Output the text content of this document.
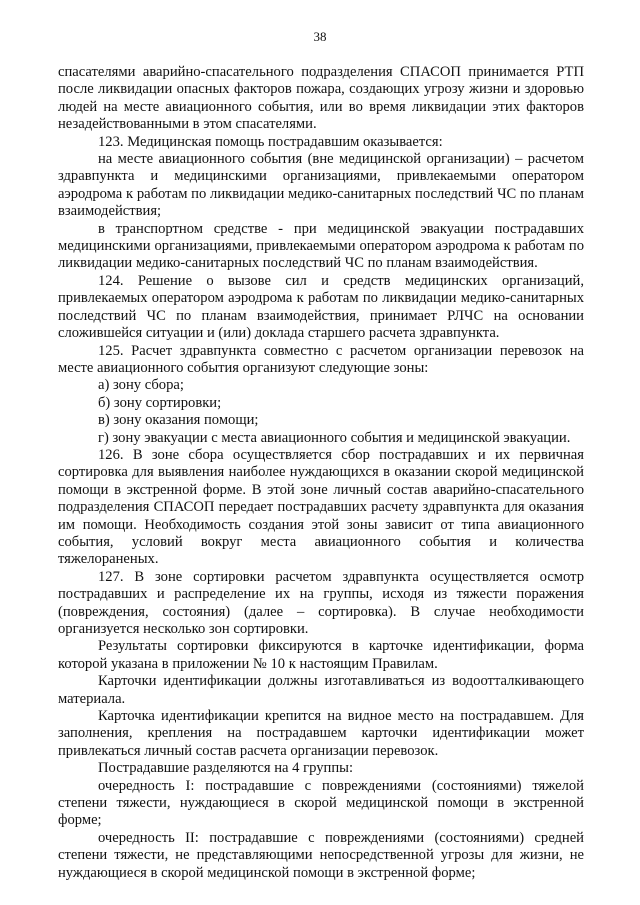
38

спасателями аварийно-спасательного подразделения СПАСОП принимается РТП после ликвидации опасных факторов пожара, создающих угрозу жизни и здоровью людей на месте авиационного события, или во время ликвидации этих факторов незадействованными в этом спасателями.

123. Медицинская помощь пострадавшим оказывается:

на месте авиационного события (вне медицинской организации) – расчетом здравпункта и медицинскими организациями, привлекаемыми оператором аэродрома к работам по ликвидации медико-санитарных последствий ЧС по планам взаимодействия;

в транспортном средстве - при медицинской эвакуации пострадавших медицинскими организациями, привлекаемыми оператором аэродрома к работам по ликвидации медико-санитарных последствий ЧС по планам взаимодействия.

124. Решение о вызове сил и средств медицинских организаций, привлекаемых оператором аэродрома к работам по ликвидации медико-санитарных последствий ЧС по планам взаимодействия, принимает РЛЧС на основании сложившейся ситуации и (или) доклада старшего расчета здравпункта.

125. Расчет здравпункта совместно с расчетом организации перевозок на месте авиационного события организуют следующие зоны:

а) зону сбора;

б) зону сортировки;

в) зону оказания помощи;

г) зону эвакуации с места авиационного события и медицинской эвакуации.

126. В зоне сбора осуществляется сбор пострадавших и их первичная сортировка для выявления наиболее нуждающихся в оказании скорой медицинской помощи в экстренной форме. В этой зоне личный состав аварийно-спасательного подразделения СПАСОП передает пострадавших расчету здравпункта для оказания им помощи. Необходимость создания этой зоны зависит от типа авиационного события, условий вокруг места авиационного события и количества тяжелораненых.

127. В зоне сортировки расчетом здравпункта осуществляется осмотр пострадавших и распределение их на группы, исходя из тяжести поражения (повреждения, состояния) (далее – сортировка). В случае необходимости организуется несколько зон сортировки.

Результаты сортировки фиксируются в карточке идентификации, форма которой указана в приложении № 10 к настоящим Правилам.

Карточки идентификации должны изготавливаться из водоотталкивающего материала.

Карточка идентификации крепится на видное место на пострадавшем. Для заполнения, крепления на пострадавшем карточки идентификации может привлекаться личный состав расчета организации перевозок.

Пострадавшие разделяются на 4 группы:

очередность I: пострадавшие с повреждениями (состояниями) тяжелой степени тяжести, нуждающиеся в скорой медицинской помощи в экстренной форме;

очередность II: пострадавшие с повреждениями (состояниями) средней степени тяжести, не представляющими непосредственной угрозы для жизни, не нуждающиеся в скорой медицинской помощи в экстренной форме;
